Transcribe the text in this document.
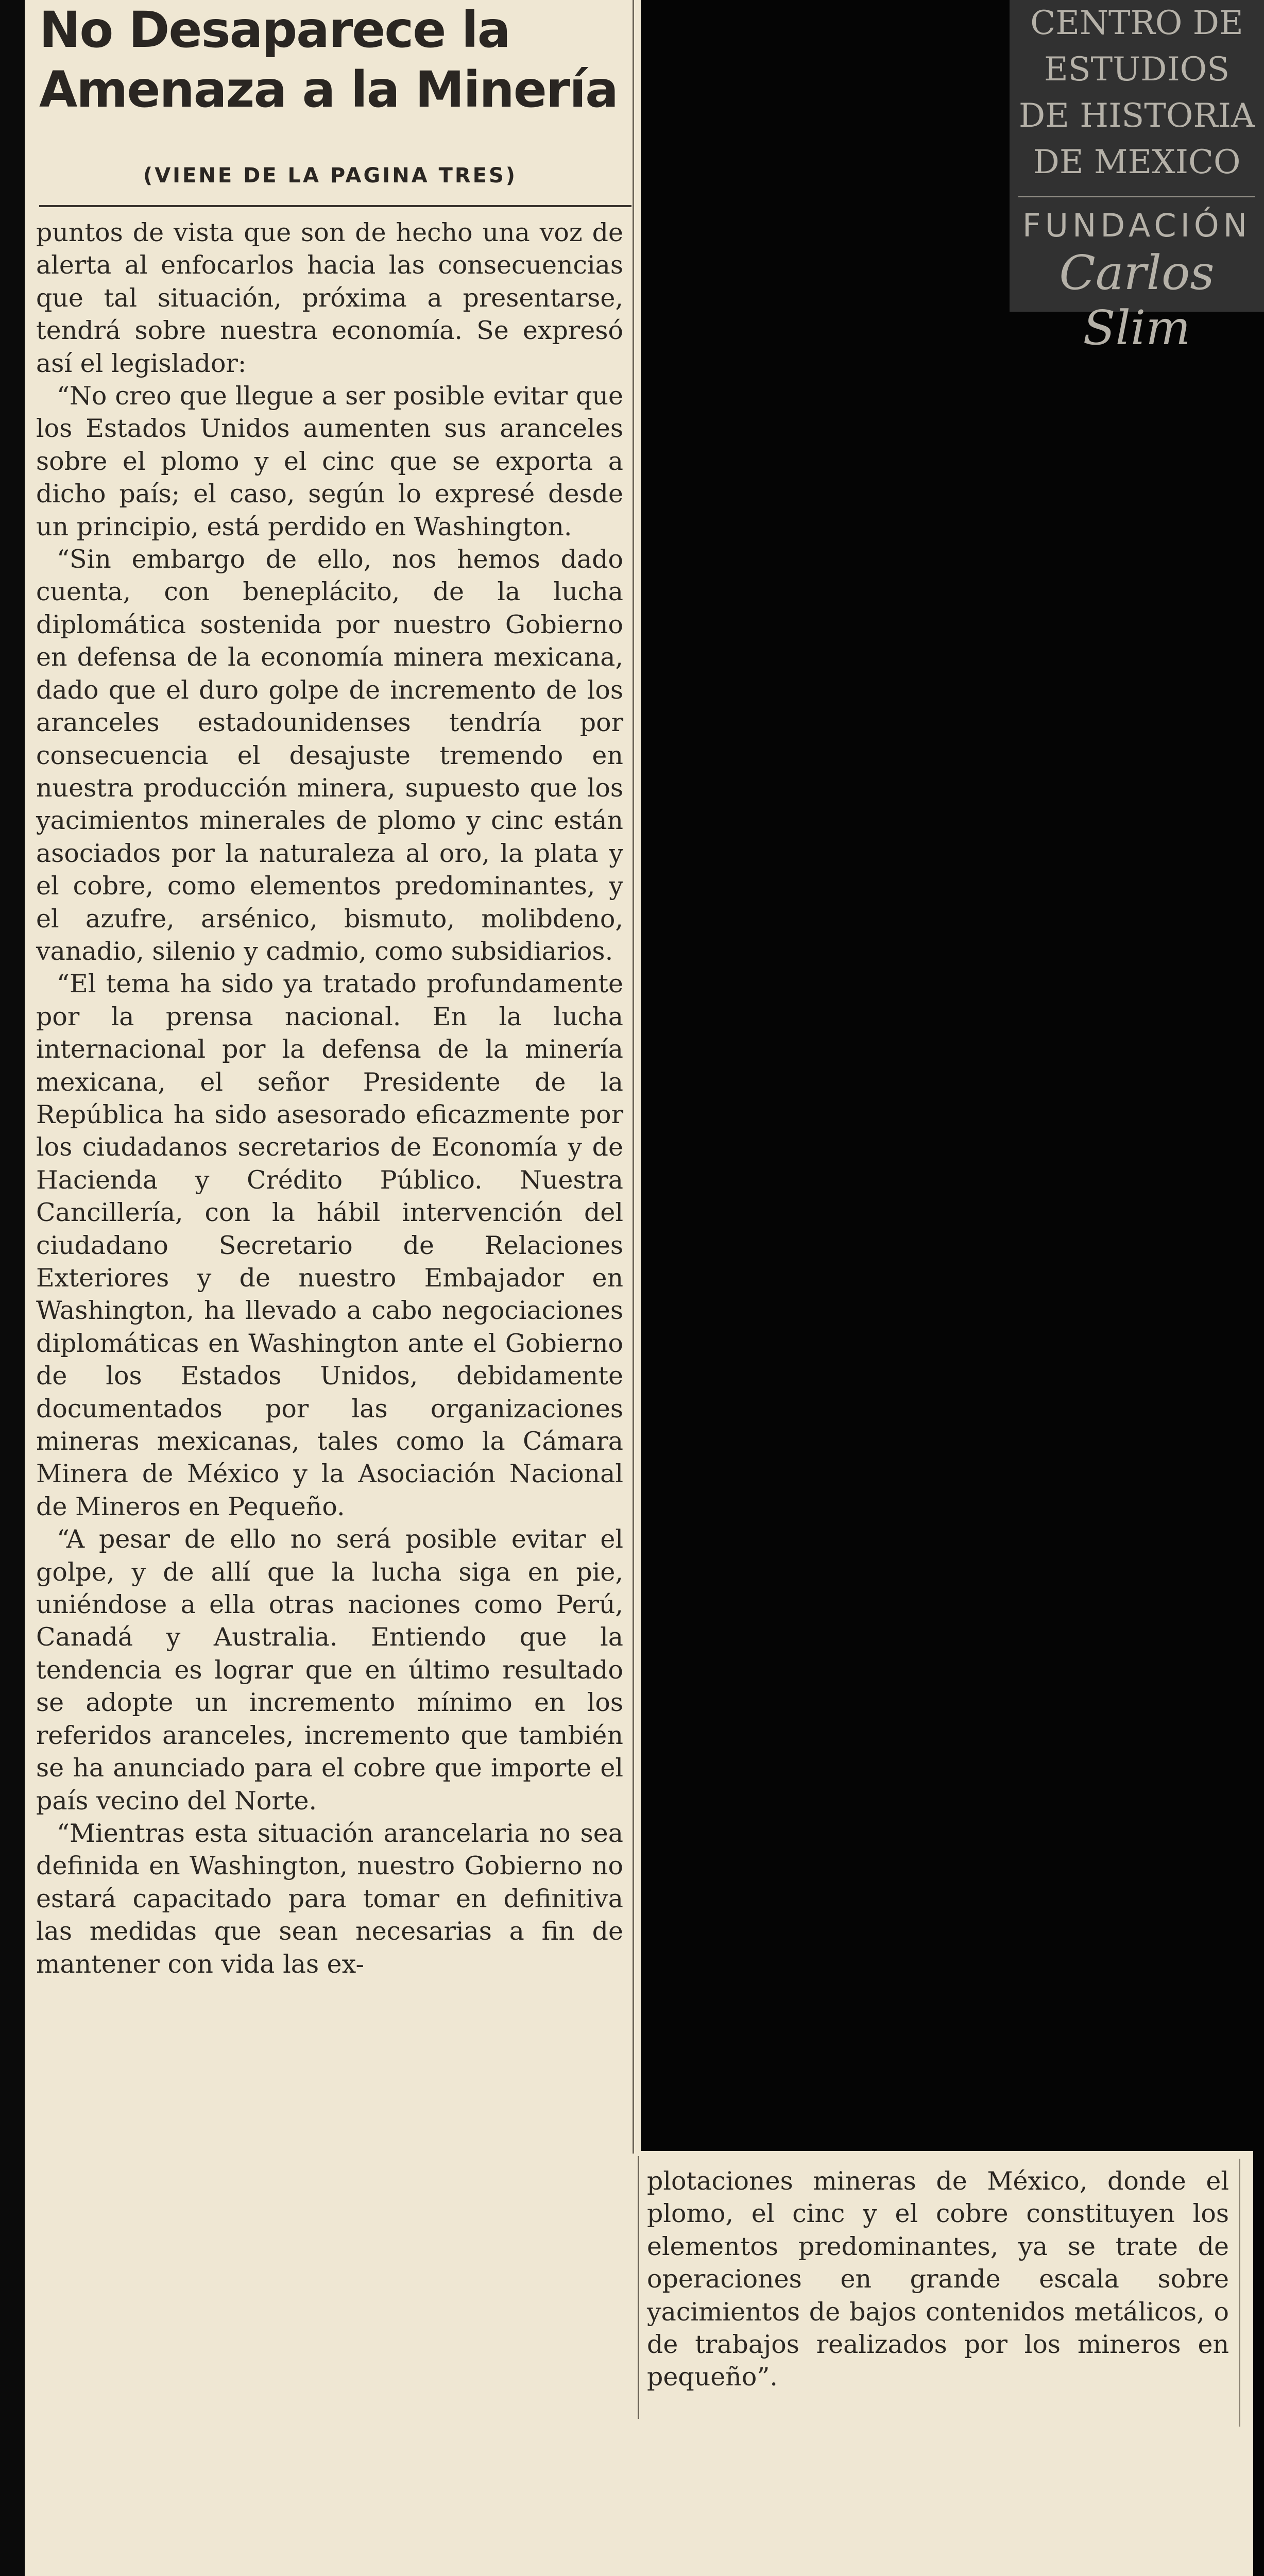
No Desaparece la
Amenaza a la Minería
(VIENE DE LA PAGINA TRES)

puntos de vista que son de hecho una voz de alerta al enfocarlos hacia las consecuencias que tal situación, próxima a presentarse, tendrá sobre nuestra economía. Se expresó así el legislador:

“No creo que llegue a ser posible evitar que los Estados Unidos aumenten sus aranceles sobre el plomo y el cinc que se exporta a dicho país; el caso, según lo expresé desde un principio, está perdido en Washington.

“Sin embargo de ello, nos hemos dado cuenta, con beneplácito, de la lucha diplomática sostenida por nuestro Gobierno en defensa de la economía minera mexicana, dado que el duro golpe de incremento de los aranceles estadounidenses tendría por consecuencia el desajuste tremendo en nuestra producción minera, supuesto que los yacimientos minerales de plomo y cinc están asociados por la naturaleza al oro, la plata y el cobre, como elementos predominantes, y el azufre, arsénico, bismuto, molibdeno, vanadio, silenio y cadmio, como subsidiarios.

“El tema ha sido ya tratado profundamente por la prensa nacional. En la lucha internacional por la defensa de la minería mexicana, el señor Presidente de la República ha sido asesorado eficazmente por los ciudadanos secretarios de Economía y de Hacienda y Crédito Público. Nuestra Cancillería, con la hábil intervención del ciudadano Secretario de Relaciones Exteriores y de nuestro Embajador en Washington, ha llevado a cabo negociaciones diplomáticas en Washington ante el Gobierno de los Estados Unidos, debidamente documentados por las organizaciones mineras mexicanas, tales como la Cámara Minera de México y la Asociación Nacional de Mineros en Pequeño.

“A pesar de ello no será posible evitar el golpe, y de allí que la lucha siga en pie, uniéndose a ella otras naciones como Perú, Canadá y Australia. Entiendo que la tendencia es lograr que en último resultado se adopte un incremento mínimo en los referidos aranceles, incremento que también se ha anunciado para el cobre que importe el país vecino del Norte.

“Mientras esta situación arancelaria no sea definida en Washington, nuestro Gobierno no estará capacitado para tomar en definitiva las medidas que sean necesarias a fin de mantener con vida las ex-

plotaciones mineras de México, donde el plomo, el cinc y el cobre constituyen los elementos predominantes, ya se trate de operaciones en grande escala sobre yacimientos de bajos contenidos metálicos, o de trabajos realizados por los mineros en pequeño”.

CENTRO DE
ESTUDIOS
DE HISTORIA
DE MEXICO
FUNDACIÓN
Carlos Slim
